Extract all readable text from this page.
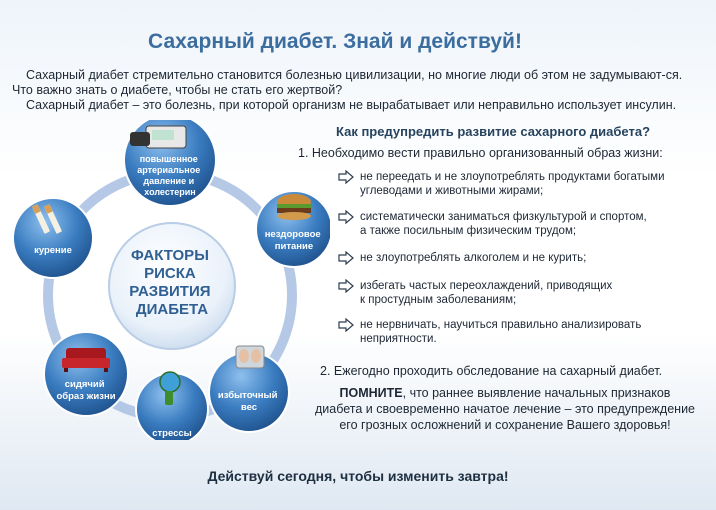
Сахарный диабет. Знай и действуй!

Сахарный диабет стремительно становится болезнью цивилизации, но многие люди об этом не задумывают-ся. Что важно знать о диабете, чтобы не стать его жертвой?

Сахарный диабет – это болезнь, при которой организм не вырабатывает или неправильно использует инсулин.

ФАКТОРЫ РИСКА РАЗВИТИЯ ДИАБЕТА
повышенное артериальное давление и холестерин
нездоровое питание
избыточный вес
стрессы
сидячий образ жизни
курение
Как предупредить развитие сахарного диабета?
1. Необходимо вести правильно организованный образ жизни:
не переедать и не злоупотреблять продуктами богатыми
углеводами и животными жирами;
систематически заниматься физкультурой и спортом,
а также посильным физическим трудом;
не злоупотреблять алкоголем и не курить;
избегать частых переохлаждений, приводящих
к простудным заболеваниям;
не нервничать, научиться правильно анализировать
неприятности.
2. Ежегодно проходить обследование на сахарный диабет.
ПОМНИТЕ, что раннее выявление начальных признаков
диабета и своевременно начатое лечение – это предупреждение
его грозных осложнений и сохранение Вашего здоровья!
Действуй сегодня, чтобы изменить завтра!
